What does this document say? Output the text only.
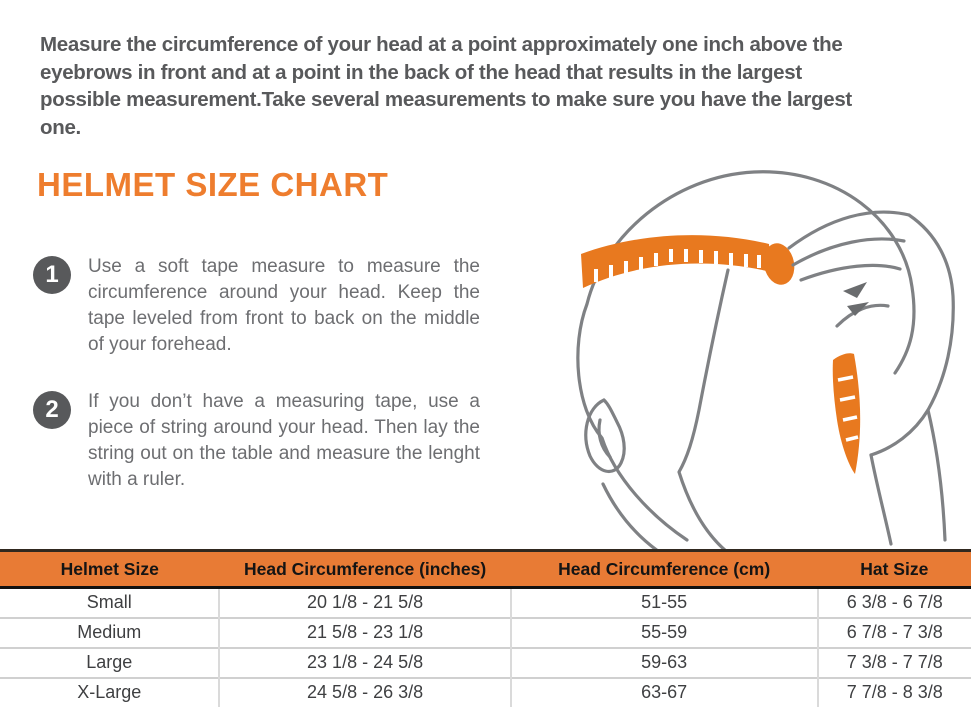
Measure the circumference of your head at a point approximately one inch above the eyebrows in front and at a point in the back of the head that results in the largest possible measurement.Take several measurements to make sure you have the largest one.

HELMET SIZE CHART
1	Use a soft tape measure to measure the circumference around your head. Keep the tape leveled from front to back on the middle of your forehead.

2	If you don’t have a measuring tape, use a piece of string around your head. Then lay the string out on the table and measure the lenght with a ruler.

Helmet Size	Head Circumference (inches)	Head Circumference (cm)	Hat Size
Small	20 1/8 - 21 5/8	51-55	6 3/8 - 6 7/8
Medium	21 5/8 - 23 1/8	55-59	6 7/8 - 7 3/8
Large	23 1/8 - 24 5/8	59-63	7 3/8 - 7 7/8
X-Large	24 5/8 - 26 3/8	63-67	7 7/8 - 8 3/8
